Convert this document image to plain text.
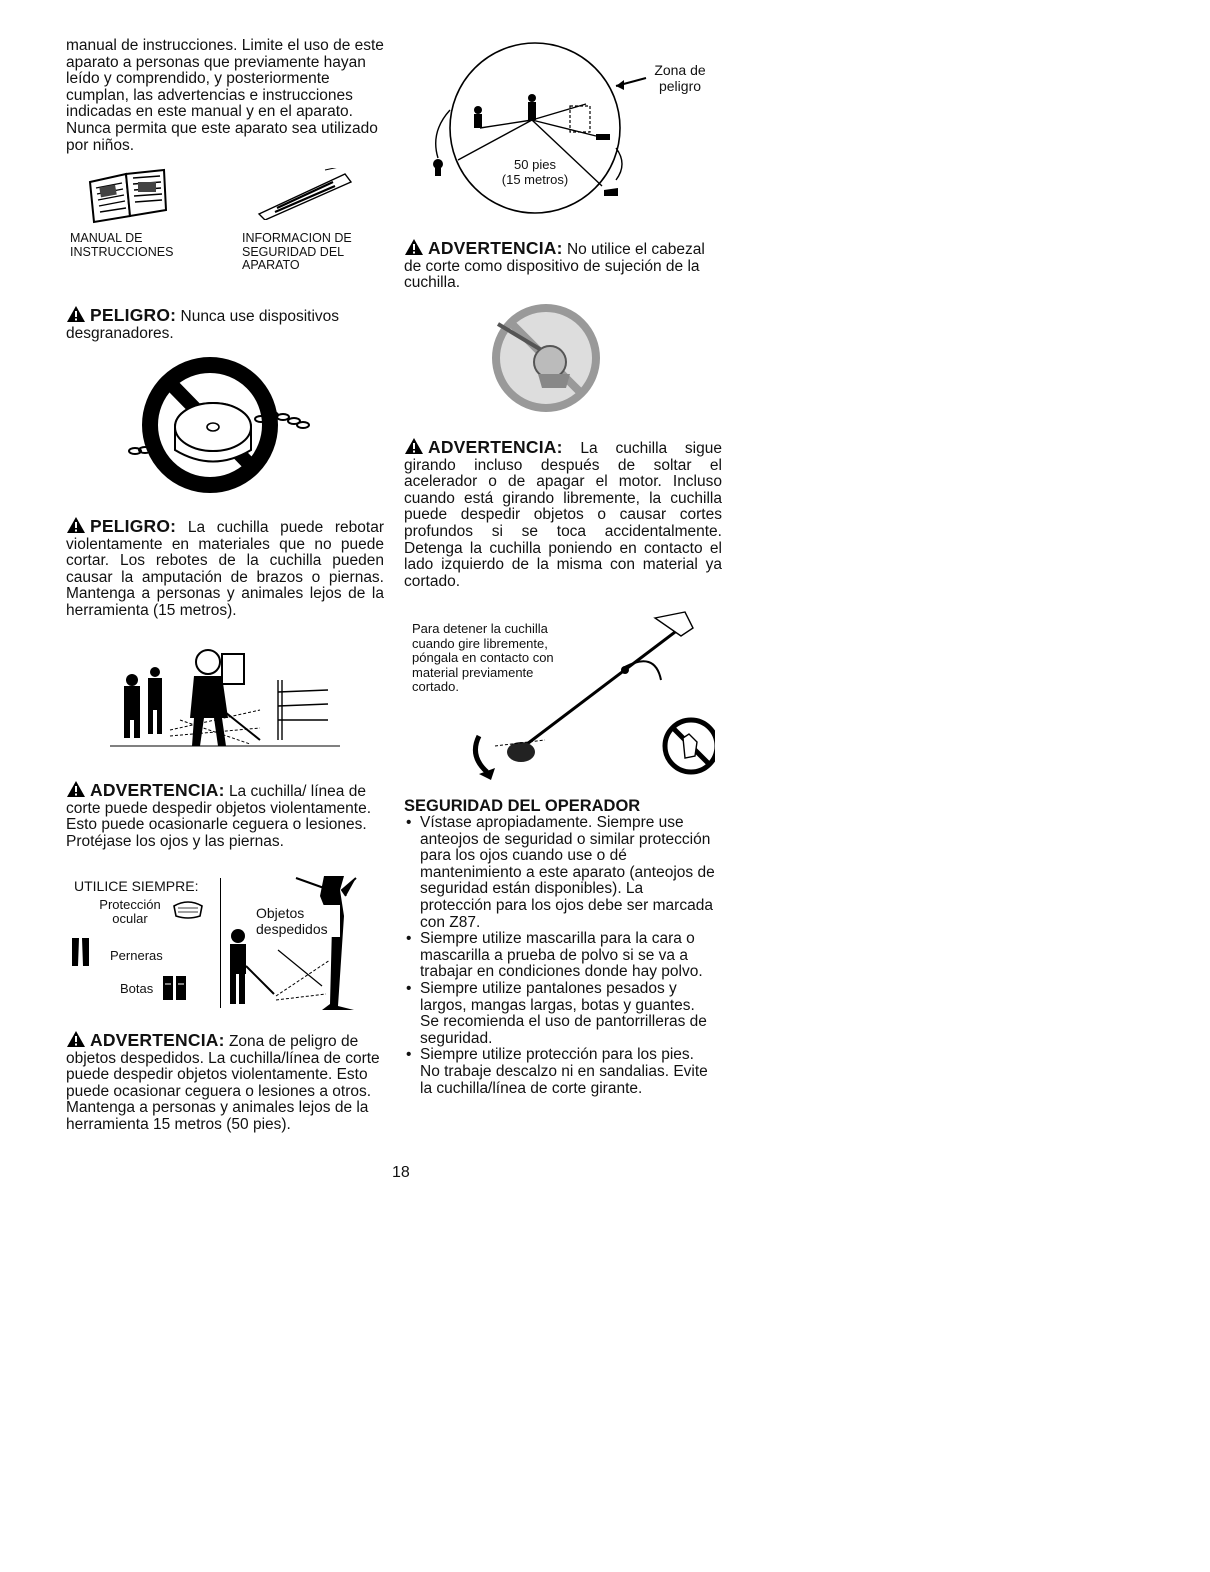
manual de instrucciones. Limite el uso de este aparato a personas que previamente hayan leído y comprendido, y posteriormente cumplan, las advertencias e instrucciones indicadas en este manual y en el aparato. Nunca permita que este aparato sea utilizado por niños.

MANUAL DE INSTRUCCIONES
INFORMACION DE SEGURIDAD DEL APARATO

PELIGRO: Nunca use dispositivos desgranadores.

PELIGRO: La cuchilla puede rebotar violentamente en materiales que no puede cortar. Los rebotes de la cuchilla pueden causar la amputación de brazos o piernas. Mantenga a personas y animales lejos de la herramienta (15 metros).

ADVERTENCIA: La cuchilla/ línea de corte puede despedir objetos violentamente. Esto puede ocasionarle ceguera o lesiones. Protéjase los ojos y las piernas.

UTILICE SIEMPRE:
Protección ocular
Perneras
Botas
Objetos despedidos

ADVERTENCIA: Zona de peligro de objetos despedidos. La cuchilla/línea de corte puede despedir objetos violentamente. Esto puede ocasionar ceguera o lesiones a otros. Mantenga a personas y animales lejos de la herramienta 15 metros (50 pies).

Zona de peligro
50 pies
(15 metros)

ADVERTENCIA: No utilice el cabezal de corte como dispositivo de sujeción de la cuchilla.

ADVERTENCIA: La cuchilla sigue girando incluso después de soltar el acelerador o de apagar el motor. Incluso cuando está girando libremente, la cuchilla puede despedir objetos o causar cortes profundos si se toca accidentalmente. Detenga la cuchilla poniendo en contacto el lado izquierdo de la misma con material ya cortado.

Para detener la cuchilla cuando gire libremente, póngala en contacto con material previamente cortado.
SEGURIDAD DEL OPERADOR
• Vístase apropiadamente. Siempre use anteojos de seguridad o similar protección para los ojos cuando use o dé mantenimiento a este aparato (anteojos de seguridad están disponibles). La protección para los ojos debe ser marcada con Z87.
• Siempre utilize mascarilla para la cara o mascarilla a prueba de polvo si se va a trabajar en condiciones donde hay polvo.
• Siempre utilize pantalones pesados y largos, mangas largas, botas y guantes. Se recomienda el uso de pantorrilleras de seguridad.
• Siempre utilize protección para los pies. No trabaje descalzo ni en sandalias. Evite la cuchilla/línea de corte girante.
18
